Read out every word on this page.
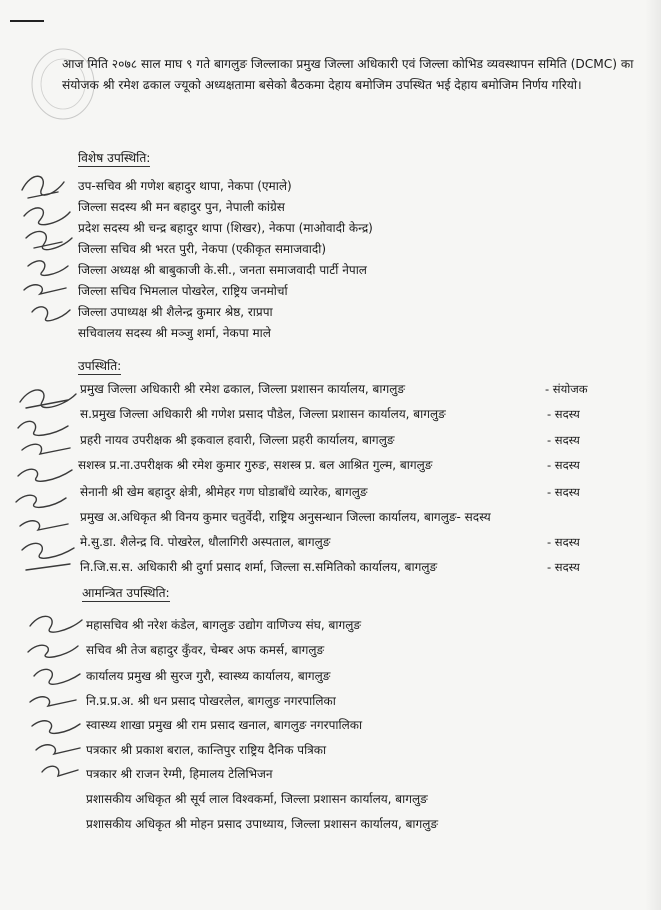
आज मिति २०७८ साल माघ ९ गते बागलुङ जिल्लाका प्रमुख जिल्ला अधिकारी एवं जिल्ला कोभिड व्यवस्थापन समिति (DCMC) का संयोजक श्री रमेश ढकाल ज्यूको अध्यक्षतामा बसेको बैठकमा देहाय बमोजिम उपस्थित भई देहाय बमोजिम निर्णय गरियो।
विशेष उपस्थिति:
उप-सचिव श्री गणेश बहादुर थापा, नेकपा (एमाले)
जिल्ला सदस्य श्री मन बहादुर पुन, नेपाली कांग्रेस
प्रदेश सदस्य श्री चन्द्र बहादुर थापा (शिखर), नेकपा (माओवादी केन्द्र)
जिल्ला सचिव श्री भरत पुरी, नेकपा (एकीकृत समाजवादी)
जिल्ला अध्यक्ष श्री बाबुकाजी के.सी., जनता समाजवादी पार्टी नेपाल
जिल्ला सचिव भिमलाल पोखरेल, राष्ट्रिय जनमोर्चा
जिल्ला उपाध्यक्ष श्री शैलेन्द्र कुमार श्रेष्ठ, राप्रपा
सचिवालय सदस्य श्री मञ्जु शर्मा, नेकपा माले
उपस्थिति:
प्रमुख जिल्ला अधिकारी श्री रमेश ढकाल, जिल्ला प्रशासन कार्यालय, बागलुङ	- संयोजक
स.प्रमुख जिल्ला अधिकारी श्री गणेश प्रसाद पौडेल, जिल्ला प्रशासन कार्यालय, बागलुङ	- सदस्य
प्रहरी नायव उपरीक्षक श्री इकवाल हवारी, जिल्ला प्रहरी कार्यालय, बागलुङ	- सदस्य
सशस्त्र प्र.ना.उपरीक्षक श्री रमेश कुमार गुरुङ, सशस्त्र प्र. बल आश्रित गुल्म, बागलुङ	- सदस्य
सेनानी श्री खेम बहादुर क्षेत्री, श्रीमेहर गण घोडाबाँधे व्यारेक, बागलुङ	- सदस्य
प्रमुख अ.अधिकृत श्री विनय कुमार चतुर्वेदी, राष्ट्रिय अनुसन्धान जिल्ला कार्यालय, बागलुङ- सदस्य
मे.सु.डा. शैलेन्द्र वि. पोखरेल, धौलागिरी अस्पताल, बागलुङ	- सदस्य
नि.जि.स.स. अधिकारी श्री दुर्गा प्रसाद शर्मा, जिल्ला स.समितिको कार्यालय, बागलुङ	- सदस्य
आमन्त्रित उपस्थिति:
महासचिव श्री नरेश कंडेल, बागलुङ उद्योग वाणिज्य संघ, बागलुङ
सचिव श्री तेज बहादुर कुँवर, चेम्बर अफ कमर्स, बागलुङ
कार्यालय प्रमुख श्री सुरज गुरौ, स्वास्थ्य कार्यालय, बागलुङ
नि.प्र.प्र.अ. श्री धन प्रसाद पोखरलेल, बागलुङ नगरपालिका
स्वास्थ्य शाखा प्रमुख श्री राम प्रसाद खनाल, बागलुङ नगरपालिका
पत्रकार श्री प्रकाश बराल, कान्तिपुर राष्ट्रिय दैनिक पत्रिका
पत्रकार श्री राजन रेग्मी, हिमालय टेलिभिजन
प्रशासकीय अधिकृत श्री सूर्य लाल विश्वकर्मा, जिल्ला प्रशासन कार्यालय, बागलुङ
प्रशासकीय अधिकृत श्री मोहन प्रसाद उपाध्याय, जिल्ला प्रशासन कार्यालय, बागलुङ
